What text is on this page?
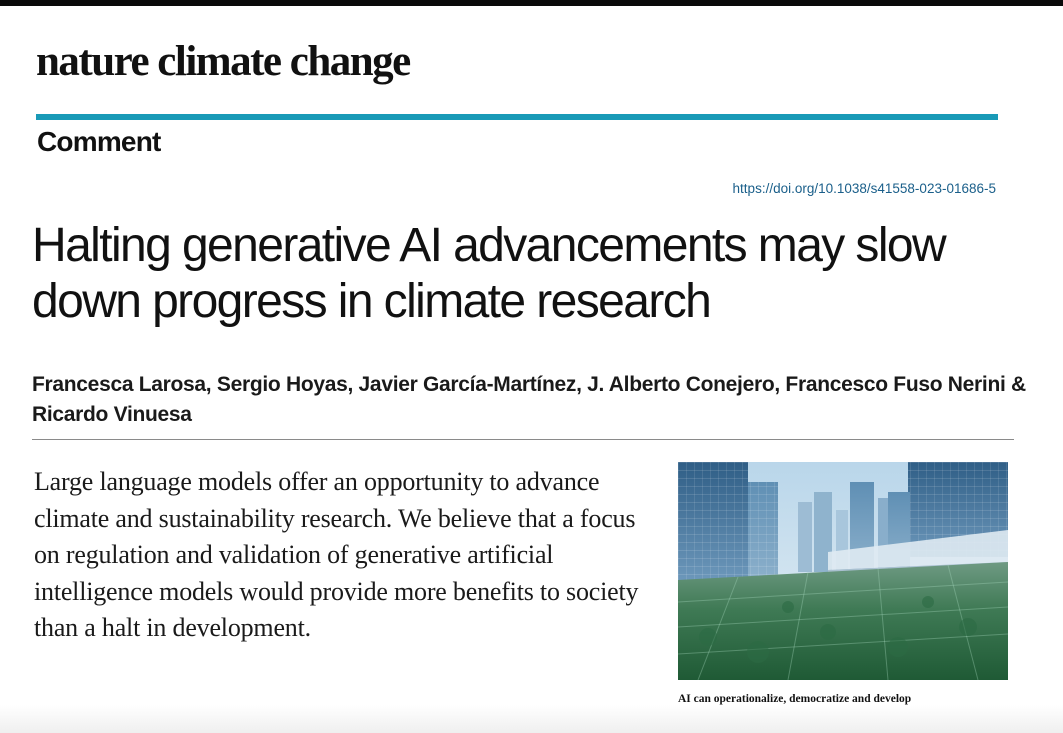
nature climate change
Comment
https://doi.org/10.1038/s41558-023-01686-5
Halting generative AI advancements may slow down progress in climate research
Francesca Larosa, Sergio Hoyas, Javier García-Martínez, J. Alberto Conejero, Francesco Fuso Nerini & Ricardo Vinuesa

Large language models offer an opportunity to advance climate and sustainability research. We believe that a focus on regulation and validation of generative artificial intelligence models would provide more benefits to society than a halt in development.

AI can operationalize, democratize and develop
